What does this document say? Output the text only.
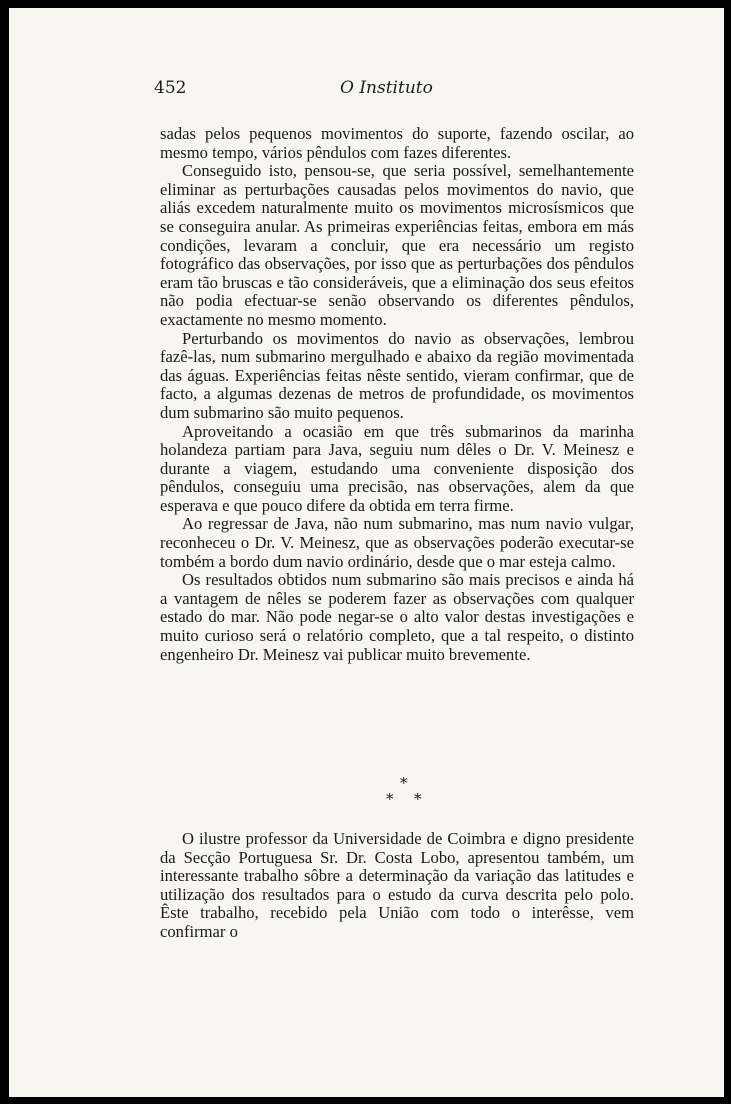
452	O Instituto

sadas pelos pequenos movimentos do suporte, fazendo oscilar, ao mesmo tempo, vários pêndulos com fazes diferentes.

Conseguido isto, pensou-se, que seria possível, semelhantemente eliminar as perturbações causadas pelos movimentos do navio, que aliás excedem naturalmente muito os movimentos microsísmicos que se conseguira anular. As primeiras experiências feitas, embora em más condições, levaram a concluir, que era necessário um registo fotográfico das observações, por isso que as perturbações dos pêndulos eram tão bruscas e tão consideráveis, que a eliminação dos seus efeitos não podia efectuar-se senão observando os diferentes pêndulos, exactamente no mesmo momento.

Perturbando os movimentos do navio as observações, lembrou fazê-las, num submarino mergulhado e abaixo da região movimentada das águas. Experiências feitas nêste sentido, vieram confirmar, que de facto, a algumas dezenas de metros de profundidade, os movimentos dum submarino são muito pequenos.

Aproveitando a ocasião em que três submarinos da marinha holandeza partiam para Java, seguiu num dêles o Dr. V. Meinesz e durante a viagem, estudando uma conveniente disposição dos pêndulos, conseguiu uma precisão, nas observações, alem da que esperava e que pouco difere da obtida em terra firme.

Ao regressar de Java, não num submarino, mas num navio vulgar, reconheceu o Dr. V. Meinesz, que as observações poderão executar-se tombém a bordo dum navio ordinário, desde que o mar esteja calmo.

Os resultados obtidos num submarino são mais precisos e ainda há a vantagem de nêles se poderem fazer as observações com qualquer estado do mar. Não pode negar-se o alto valor destas investigações e muito curioso será o relatório completo, que a tal respeito, o distinto engenheiro Dr. Meinesz vai publicar muito brevemente.

*
* *

O ilustre professor da Universidade de Coimbra e digno presidente da Secção Portuguesa Sr. Dr. Costa Lobo, apresentou também, um interessante trabalho sôbre a determinação da variação das latitudes e utilização dos resultados para o estudo da curva descrita pelo polo. Êste trabalho, recebido pela União com todo o interêsse, vem confirmar o
